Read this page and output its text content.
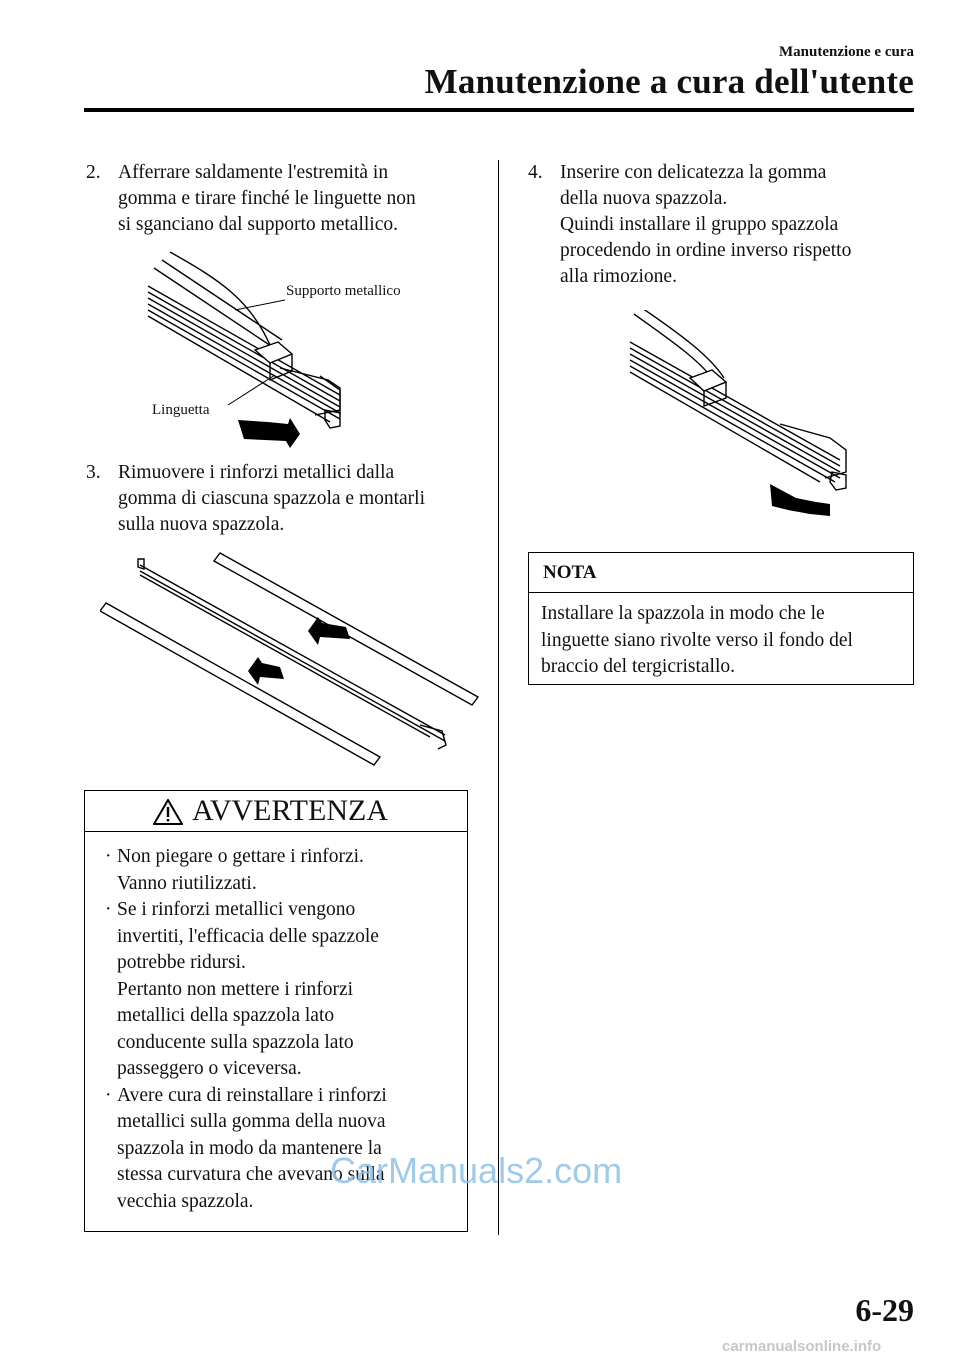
Manutenzione e cura
Manutenzione a cura dell'utente
2. Afferrare saldamente l'estremità in

gomma e tirare finché le linguette non

si sganciano dal supporto metallico.

Supporto metallico
Linguetta
3. Rimuovere i rinforzi metallici dalla

gomma di ciascuna spazzola e montarli

sulla nuova spazzola.

AVVERTENZA
· Non piegare o gettare i rinforzi.
Vanno riutilizzati.
· Se i rinforzi metallici vengono
invertiti, l'efficacia delle spazzole
potrebbe ridursi.
Pertanto non mettere i rinforzi
metallici della spazzola lato
conducente sulla spazzola lato
passeggero o viceversa.
· Avere cura di reinstallare i rinforzi
metallici sulla gomma della nuova
spazzola in modo da mantenere la
stessa curvatura che avevano sulla
vecchia spazzola.
4. Inserire con delicatezza la gomma

della nuova spazzola.

Quindi installare il gruppo spazzola

procedendo in ordine inverso rispetto

alla rimozione.

NOTA
Installare la spazzola in modo che le
linguette siano rivolte verso il fondo del
braccio del tergicristallo.
CarManuals2.com
6-29
carmanualsonline.info
